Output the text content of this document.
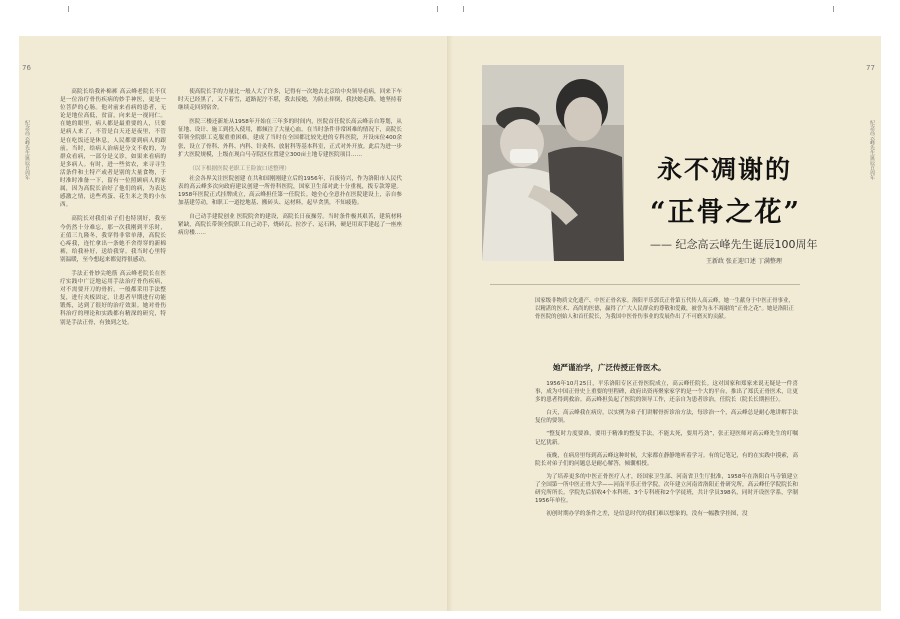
纪念高云峰先生诞辰百周年
76

高院长给我补棉裤 高云峰老院长不仅是一位治疗骨伤疾病的妙手神医，更是一位菩萨的心肠。他对前来看病的患者，无论是地位高低，贫富，向来是一视同仁。在她的眼里，病人都是最重要的人，只要是病人来了，不管是白天还是夜里，不管是在吃饭还是休息，人民都要到病人的跟前。当时，给病人治病是分文不收的，为群众看病，一部分是义诊，如果来看病的是多病人。有时，进一些贫农，来寻寻生活条件和土特产或者是别的大量食物，于时准时准备一下，留有一位照顾病人的家属，因为高院长治好了他们的病，为表达感激之情，送些鸡蛋、花生米之类的小东西。

高院长对我们弟子们也特别好，我至今仍然十分难忘，那一次我刚到平乐时，正值三九隆冬，我穿得非常单薄，高院长心疼我，连忙拿出一条她不舍得穿的新棉裤，给我补好，送给我穿。我当时心里特别温暖，至今想起来都觉得很感动。

手法正骨妙尖绝筋 高云峰老院长在医疗实践中广泛地运用手法治疗骨伤疾病，对不需要开刀的骨折，一般都采用手法整复，进行夹板固定，让患者早期进行功能锻炼，达到了很好的治疗效果。她对骨伤科治疗的理论和实践都有精深的研究，特别是手法正骨，有独到之处。

使高院长手的力量比一般人大了许多，记得有一次地去北京给中央领导看病，回来下车时天已经黑了，又下着雪，道路泥泞不堪，我去接她，为防止摔倒，我扶她走路，她坚持着继续走回到宿舍。

医院三楼还新址从1958年开始在三年多的时间内，医院首任院长高云峰亲自筹划，从征地、设计、施工到投入使用，都倾注了大量心血。在当时条件非常困难的情况下，高院长带领全院职工克服重重困难，建成了当时在全国都比较先进的专科医院，开设床位400余张，设立了骨科、外科、内科、针灸科、放射科等基本科室，正式对外开放。此后为进一步扩大医院规模，上级在现白马寺院区位置建立300亩土地专建医院项目……

（以下根据医院老职工王险波口述整理）

社会各界关注医院创建 在共和国刚刚建立后的1956年，百废待兴，作为洛阳市人民代表的高云峰多次向政府建议创建一所骨科医院，国家卫生部对此十分重视，拨专款筹建。1958年医院正式挂牌成立，高云峰担任第一任院长。她全心全意扑在医院建设上，亲自参加基建劳动，和职工一道挖地基、搬砖头、运材料，起早贪黑，不知疲倦。

自己动手建院创业 医院院舍的建设，高院长日夜操劳。当时条件极其艰苦，建筑材料紧缺，高院长带领全院职工自己动手，烧砖瓦、拉沙子、运石料，硬是用双手建起了一座座病房楼……

纪念高云峰先生诞辰百周年
77
永不凋谢的
“正骨之花”
—— 纪念高云峰先生诞辰100周年
王新政 张正迎口述 丁满整理
国家级非物质文化遗产、中医正骨名家。洛阳平乐郭氏正骨第五代传人高云峰，她一生献身于中医正骨事业，以精湛的医术、高尚的医德，赢得了广大人民群众的尊敬和爱戴，被誉为永不凋谢的“正骨之花”。她是洛阳正骨医院的创始人和首任院长，为我国中医骨伤事业的发展作出了不可磨灭的贡献。
她严谨治学，广泛传授正骨医术。

1956年10月25日，平乐洛阳专区正骨医院成立，高云峰任院长。这对国家和郑家来说无疑是一件喜事，成为中国正骨史上重要的里程碑，政府出资再聚家家学的是一个大的平台，推出了郑氏正骨医术，让更多的患者得到救治。高云峰担负起了医院的领导工作，还亲自为患者诊治，任院长（院长长期担任）。

白天，高云峰我在病房，以实例为弟子们讲解骨折诊治方法，每诊治一个，高云峰总是耐心地讲解手法复位的要领。

“整复时力度要准，要用于精准的整复手法，不能太死，要用巧劲”，张正迎医师对高云峰先生的叮嘱记忆犹新。

夜晚，在病房里每到高云峰这种时候，大家都在静静地听着学习。有的记笔记，有的在实践中摸索，高院长对弟子们的问题总是耐心解答，倾囊相授。

为了培养更多的中医正骨医疗人才，经国家卫生部、河南省卫生厅批准，1958年在洛阳白马寺镇建立了全国第一所中医正骨大学——河南平乐正骨学院，次年建立河南省洛阳正骨研究所，高云峰任学院院长和研究所所长。学院先后招收4个本科班、3个专科班和2个学徒班，共计学员398名，同时开设医学系，学制1956年单位。

初创时期办学的条件之差，是信息时代的我们难以想象的，没有一幅教学挂图，没
